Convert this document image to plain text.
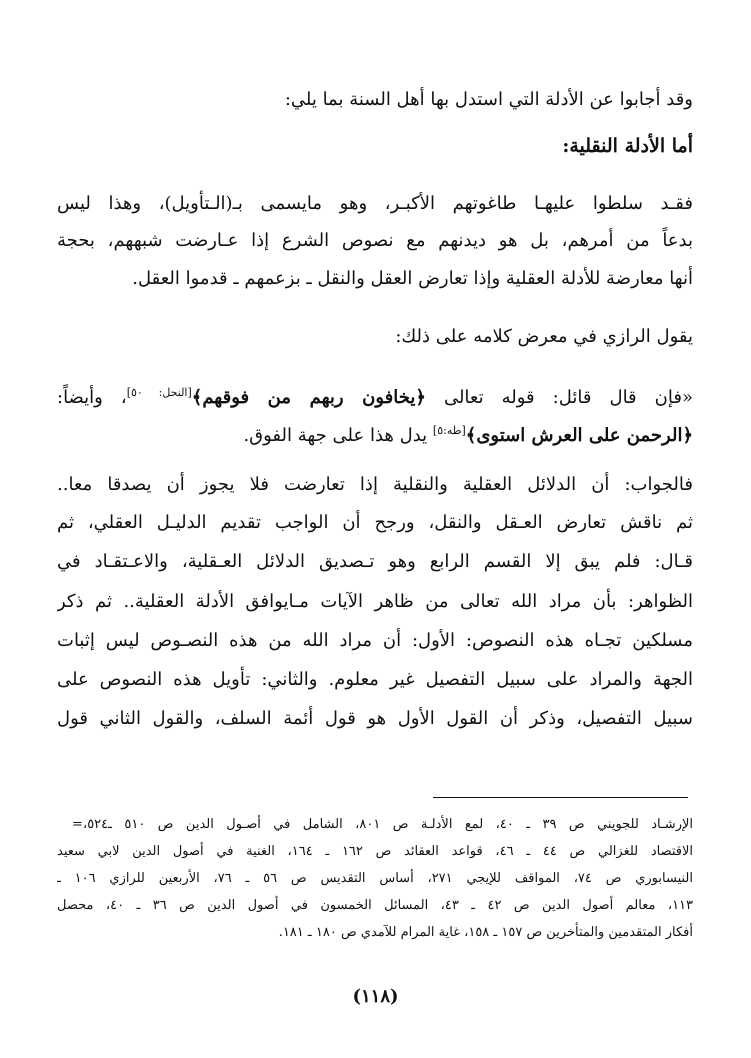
وقد أجابوا عن الأدلة التي استدل بها أهل السنة بما يلي:
أما الأدلة النقلية:
فقـد سلطوا عليهـا طاغوتهم الأكبـر، وهو مايسمى بـ(الـتأويل)، وهذا ليس
بدعاً من أمرهم، بل هو ديدنهم مع نصوص الشرع إذا عـارضت شبههم، بحجة
أنها معارضة للأدلة العقلية وإذا تعارض العقل والنقل ـ بزعمهم ـ قدموا العقل.
يقول الرازي في معرض كلامه على ذلك:
«فإن قال قائل: قوله تعالى ﴿يخافون ربهم من فوقهم﴾[النحل: ٥٠]، وأيضاً:
﴿الرحمن على العرش استوى﴾[طه:٥] يدل هذا على جهة الفوق.
فالجواب: أن الدلائل العقلية والنقلية إذا تعارضت فلا يجوز أن يصدقا معا..
ثم ناقش تعارض العـقل والنقل، ورجح أن الواجب تقديم الدليـل العقلي، ثم
قـال: فلم يبق إلا القسم الرابع وهو تـصديق الدلائل العـقلية، والاعـتقـاد في
الظواهر: بأن مراد الله تعالى من ظاهر الآيات مـايوافق الأدلة العقلية.. ثم ذكر
مسلكين تجـاه هذه النصوص: الأول: أن مراد الله من هذه النصـوص ليس إثبات
الجهة والمراد على سبيل التفصيل غير معلوم. والثاني: تأويل هذه النصوص على
سبيل التفصيل، وذكر أن القول الأول هو قول أئمة السلف، والقول الثاني قول
= الإرشـاد للجويني ص ٣٩ ـ ٤٠، لمع الأدلـة ص ٨٠١، الشامل في أصـول الدين ص ٥١٠ ـ٥٢٤،
الاقتصاد للغزالي ص ٤٤ ـ ٤٦، قواعد العقائد ص ١٦٢ ـ ١٦٤، الغنية في أصول الدين لابي سعيد
النيسابوري ص ٧٤، المواقف للإيجي ٢٧١، أساس التقديس ص ٥٦ ـ ٧٦، الأربعين للرازي ١٠٦ ـ
١١٣، معالم أصول الدين ص ٤٢ ـ ٤٣، المسائل الخمسون في أصول الدين ص ٣٦ ـ ٤٠، محصل
أفكار المتقدمين والمتأخرين ص ١٥٧ ـ ١٥٨، غاية المرام للآمدي ص ١٨٠ ـ ١٨١.
(١١٨)
